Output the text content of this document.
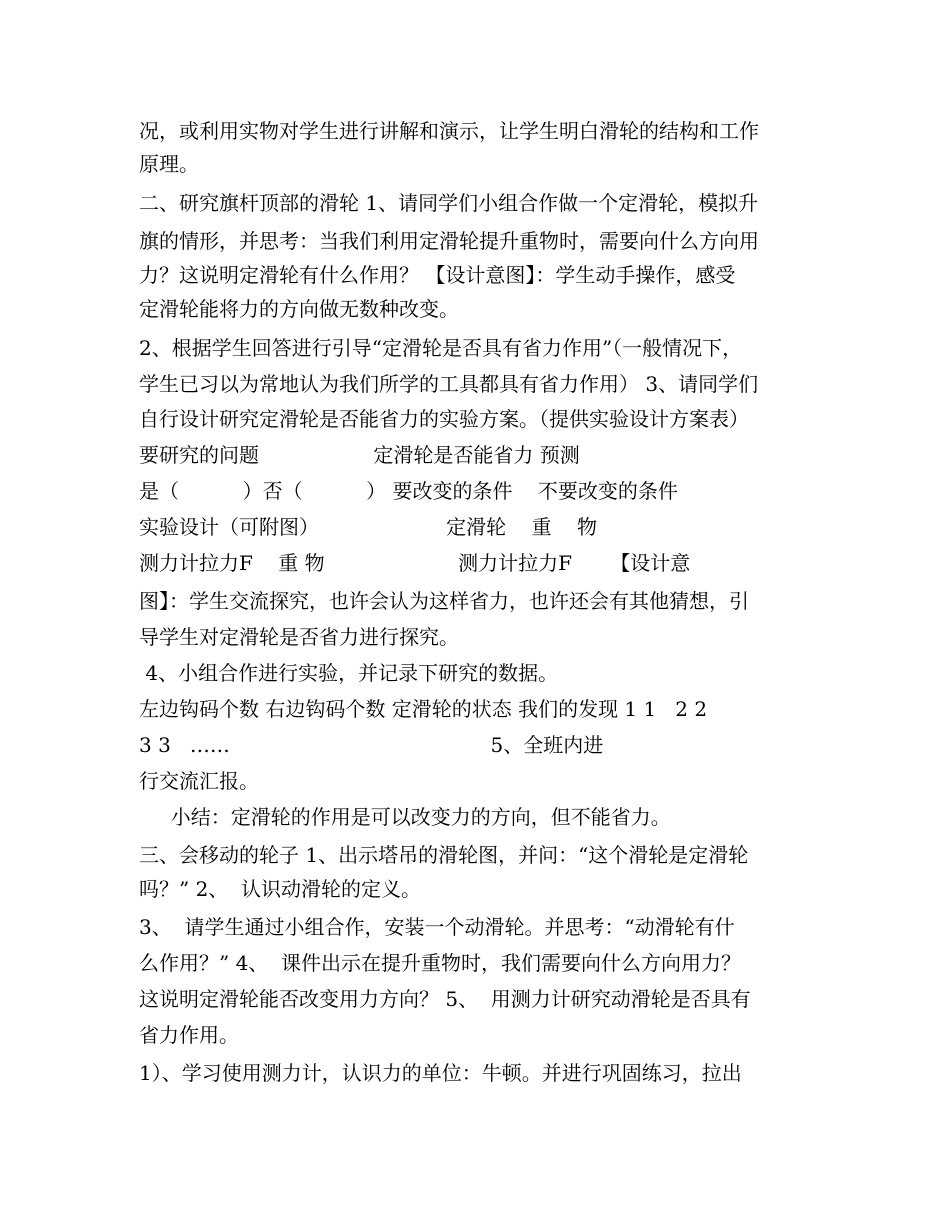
况，或利用实物对学生进行讲解和演示，让学生明白滑轮的结构和工作
原理。
二、研究旗杆顶部的滑轮 1、请同学们小组合作做一个定滑轮，模拟升
旗的情形，并思考：当我们利用定滑轮提升重物时，需要向什么方向用
力？这说明定滑轮有什么作用？ 【设计意图】：学生动手操作，感受
定滑轮能将力的方向做无数种改变。
2、根据学生回答进行引导“定滑轮是否具有省力作用”（一般情况下，
学生已习以为常地认为我们所学的工具都具有省力作用） 3、请同学们
自行设计研究定滑轮是否能省力的实验方案。（提供实验设计方案表）
要研究的问题                  定滑轮是否能省力 预测
是（          ）否（          ） 要改变的条件    不要改变的条件
实验设计（可附图）                    定滑轮    重    物
测力计拉力F    重 物                     测力计拉力F      【设计意
图】：学生交流探究，也许会认为这样省力，也许还会有其他猜想，引
导学生对定滑轮是否省力进行探究。
4、小组合作进行实验，并记录下研究的数据。
左边钩码个数 右边钩码个数 定滑轮的状态 我们的发现 1 1   2 2
3 3   ……                                         5、全班内进
行交流汇报。
小结：定滑轮的作用是可以改变力的方向，但不能省力。
三、会移动的轮子 1、出示塔吊的滑轮图，并问：“这个滑轮是定滑轮
吗？” 2、  认识动滑轮的定义。
3、  请学生通过小组合作，安装一个动滑轮。并思考：“动滑轮有什
么作用？” 4、  课件出示在提升重物时，我们需要向什么方向用力？
这说明定滑轮能否改变用力方向？ 5、  用测力计研究动滑轮是否具有
省力作用。
1）、学习使用测力计，认识力的单位：牛顿。并进行巩固练习，拉出
